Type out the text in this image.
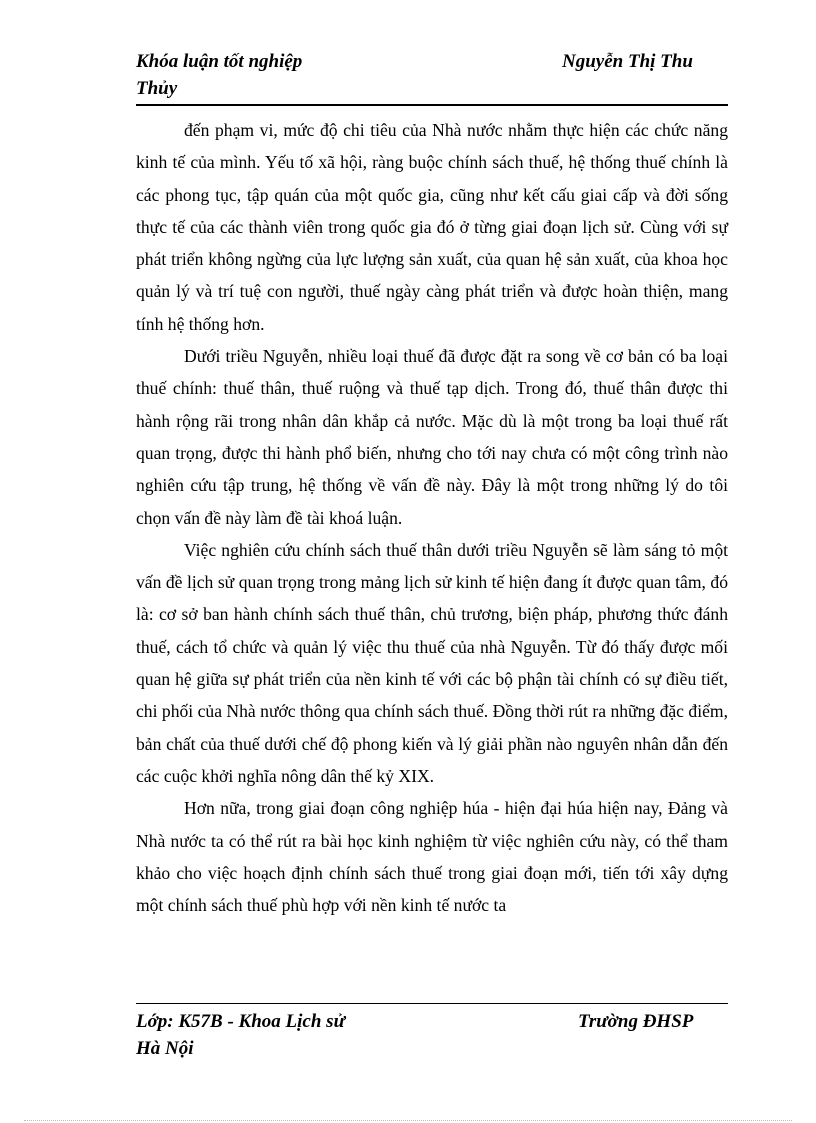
Khóa luận tốt nghiệp	Nguyễn Thị Thu
Thủy

đến phạm vi, mức độ chi tiêu của Nhà nước nhằm thực hiện các chức năng kinh tế của mình. Yếu tố xã hội, ràng buộc chính sách thuế, hệ thống thuế chính là các phong tục, tập quán của một quốc gia, cũng như kết cấu giai cấp và đời sống thực tế của các thành viên trong quốc gia đó ở từng giai đoạn lịch sử. Cùng với sự phát triển không ngừng của lực lượng sản xuất, của quan hệ sản xuất, của khoa học quản lý và trí tuệ con người, thuế ngày càng phát triển và được hoàn thiện, mang tính hệ thống hơn.

Dưới triều Nguyễn, nhiều loại thuế đã được đặt ra song về cơ bản có ba loại thuế chính: thuế thân, thuế ruộng và thuế tạp dịch. Trong đó, thuế thân được thi hành rộng rãi trong nhân dân khắp cả nước. Mặc dù là một trong ba loại thuế rất quan trọng, được thi hành phổ biến, nhưng cho tới nay chưa có một công trình nào nghiên cứu tập trung, hệ thống về vấn đề này. Đây là một trong những lý do tôi chọn vấn đề này làm đề tài khoá luận.

Việc nghiên cứu chính sách thuế thân dưới triều Nguyễn sẽ làm sáng tỏ một vấn đề lịch sử quan trọng trong mảng lịch sử kinh tế hiện đang ít được quan tâm, đó là: cơ sở ban hành chính sách thuế thân, chủ trương, biện pháp, phương thức đánh thuế, cách tổ chức và quản lý việc thu thuế của nhà Nguyễn. Từ đó thấy được mối quan hệ giữa sự phát triển của nền kinh tế với các bộ phận tài chính có sự điều tiết, chi phối của Nhà nước thông qua chính sách thuế. Đồng thời rút ra những đặc điểm, bản chất của thuế dưới chế độ phong kiến và lý giải phần nào nguyên nhân dẫn đến các cuộc khởi nghĩa nông dân thế kỷ XIX.

Hơn nữa, trong giai đoạn công nghiệp húa - hiện đại húa hiện nay, Đảng và Nhà nước ta có thể rút ra bài học kinh nghiệm từ việc nghiên cứu này, có thể tham khảo cho việc hoạch định chính sách thuế trong giai đoạn mới, tiến tới xây dựng một chính sách thuế phù hợp với nền kinh tế nước ta

Lớp: K57B - Khoa Lịch sử	Trường ĐHSP
Hà Nội
